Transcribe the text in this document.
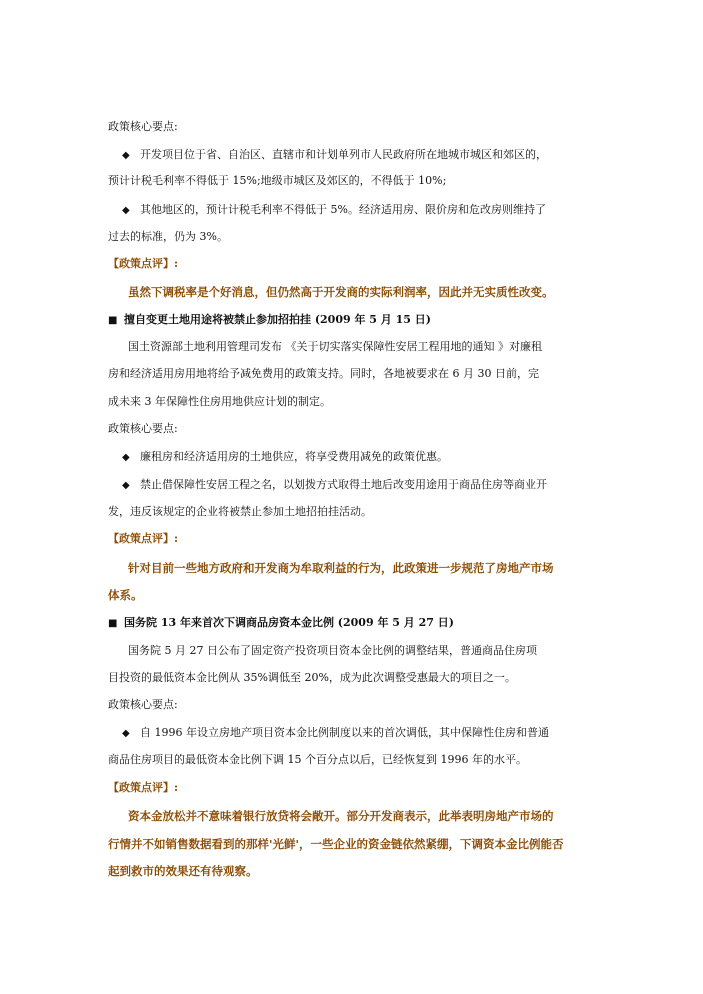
政策核心要点:
◆ 开发项目位于省、自治区、直辖市和计划单列市人民政府所在地城市城区和郊区的，
预计计税毛利率不得低于 15%;地级市城区及郊区的，不得低于 10%;
◆ 其他地区的，预计计税毛利率不得低于 5%。经济适用房、限价房和危改房则维持了
过去的标准，仍为 3%。
【政策点评】:
虽然下调税率是个好消息，但仍然高于开发商的实际利润率，因此并无实质性改变。
■ 擅自变更土地用途将被禁止参加招拍挂 (2009 年 5 月 15 日)
国土资源部土地利用管理司发布 《关于切实落实保障性安居工程用地的通知 》对廉租
房和经济适用房用地将给予减免费用的政策支持。同时，各地被要求在 6 月 30 日前，完
成未来 3 年保障性住房用地供应计划的制定。
政策核心要点:
◆ 廉租房和经济适用房的土地供应，将享受费用减免的政策优惠。
◆ 禁止借保障性安居工程之名，以划拨方式取得土地后改变用途用于商品住房等商业开
发，违反该规定的企业将被禁止参加土地招拍挂活动。
【政策点评】:
针对目前一些地方政府和开发商为牟取利益的行为，此政策进一步规范了房地产市场
体系。
■ 国务院 13 年来首次下调商品房资本金比例 (2009 年 5 月 27 日)
国务院 5 月 27 日公布了固定资产投资项目资本金比例的调整结果，普通商品住房项
目投资的最低资本金比例从 35%调低至 20%，成为此次调整受惠最大的项目之一。
政策核心要点:
◆ 自 1996 年设立房地产项目资本金比例制度以来的首次调低，其中保障性住房和普通
商品住房项目的最低资本金比例下调 15 个百分点以后，已经恢复到 1996 年的水平。
【政策点评】:
资本金放松并不意味着银行放贷将会敞开。部分开发商表示，此举表明房地产市场的
行情并不如销售数据看到的那样'光鲜'，一些企业的资金链依然紧绷，下调资本金比例能否
起到救市的效果还有待观察。
